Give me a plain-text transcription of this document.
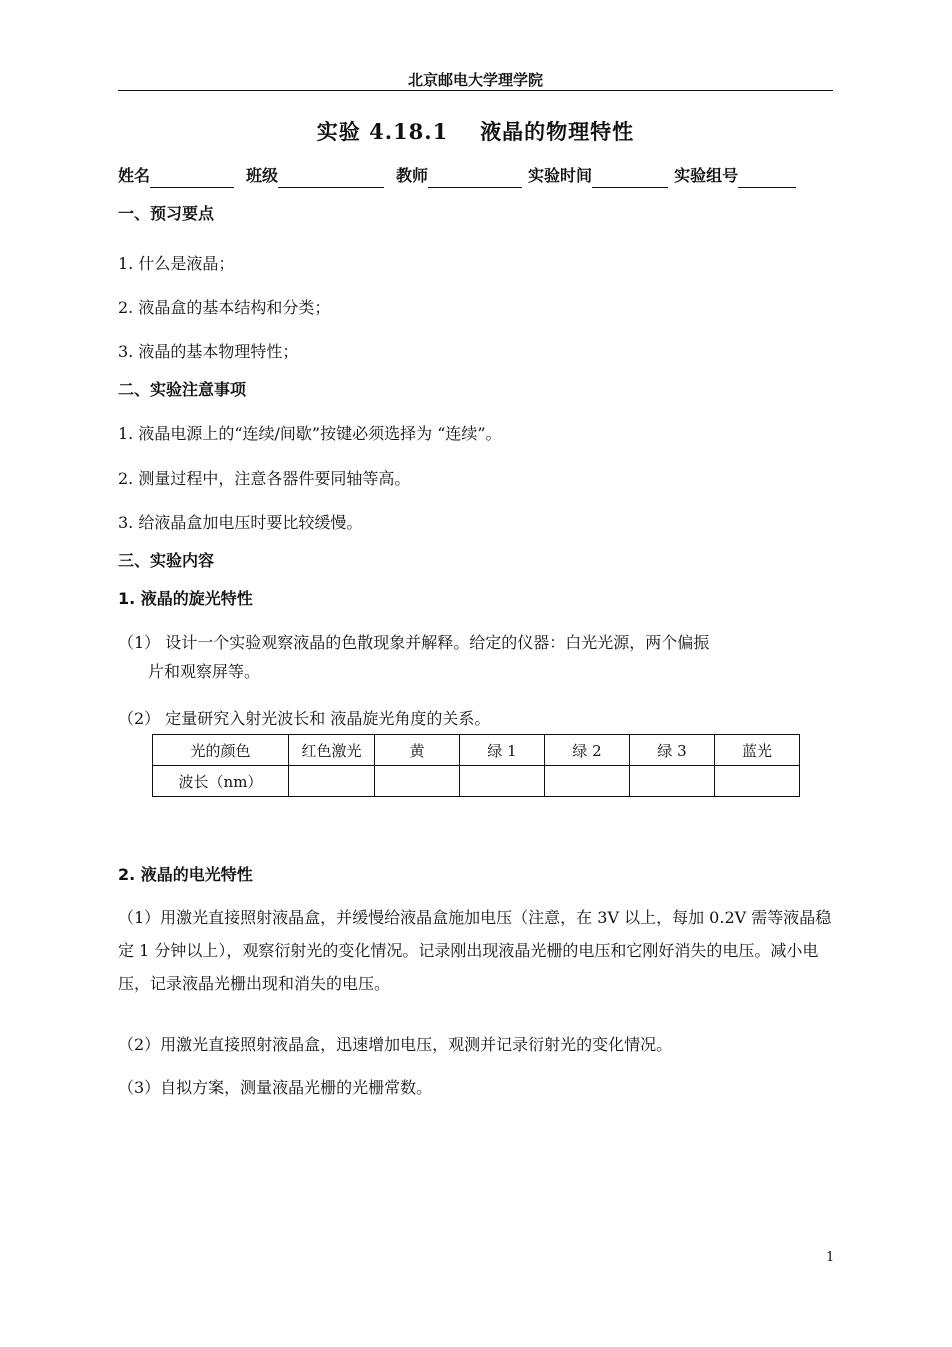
北京邮电大学理学院
实验 4.18.1 液晶的物理特性
姓名	班级	教师	实验时间	实验组号
一、预习要点
1. 什么是液晶；
2. 液晶盒的基本结构和分类；
3. 液晶的基本物理特性；
二、实验注意事项
1. 液晶电源上的“连续/间歇”按键必须选择为 “连续”。
2. 测量过程中，注意各器件要同轴等高。
3. 给液晶盒加电压时要比较缓慢。
三、实验内容
1. 液晶的旋光特性
（1） 设计一个实验观察液晶的色散现象并解释。给定的仪器：白光光源，两个偏振
片和观察屏等。
（2） 定量研究入射光波长和 液晶旋光角度的关系。
光的颜色	红色激光	黄	绿 1	绿 2	绿 3	蓝光
波长（nm）						
2. 液晶的电光特性
（1）用激光直接照射液晶盒，并缓慢给液晶盒施加电压（注意，在 3V 以上，每加 0.2V 需等液晶稳定 1 分钟以上），观察衍射光的变化情况。记录刚出现液晶光栅的电压和它刚好消失的电压。减小电压，记录液晶光栅出现和消失的电压。
（2）用激光直接照射液晶盒，迅速增加电压，观测并记录衍射光的变化情况。
（3）自拟方案，测量液晶光栅的光栅常数。
1
